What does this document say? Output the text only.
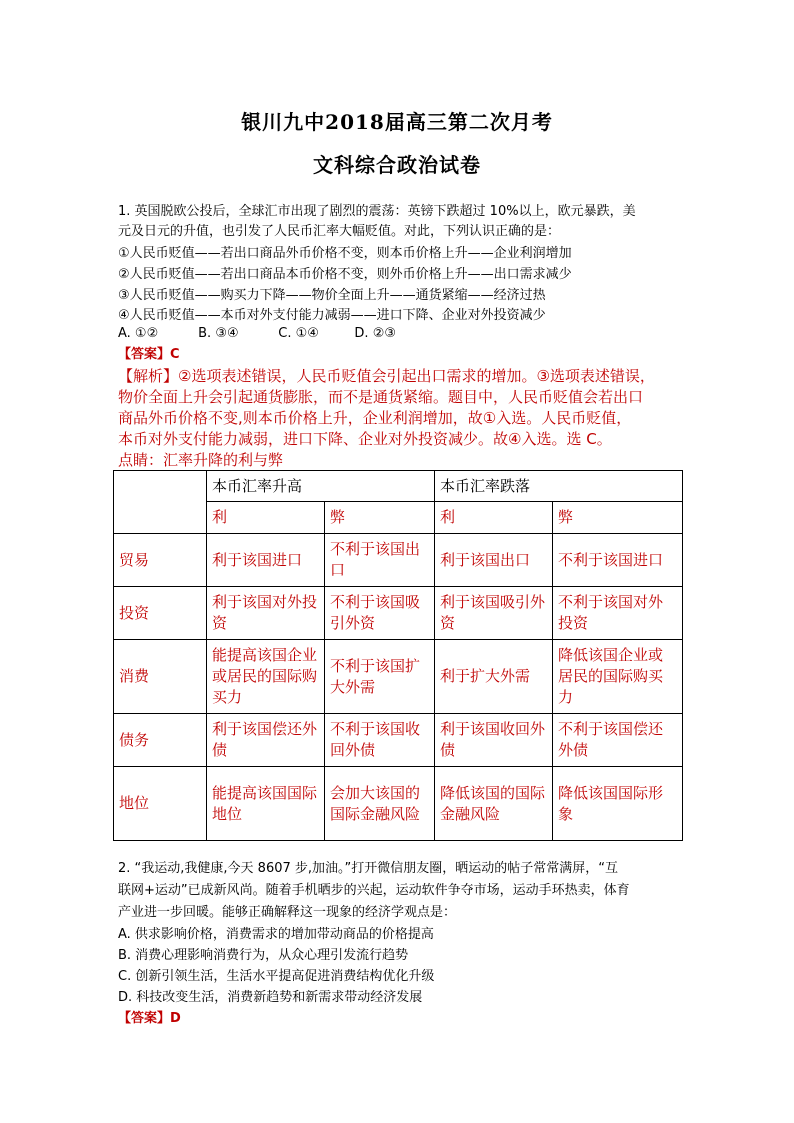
银川九中2018届高三第二次月考
文科综合政治试卷
1. 英国脱欧公投后，全球汇市出现了剧烈的震荡：英镑下跌超过 10%以上，欧元暴跌，美
元及日元的升值，也引发了人民币汇率大幅贬值。对此，下列认识正确的是：
①人民币贬值——若出口商品外币价格不变，则本币价格上升——企业利润增加
②人民币贬值——若出口商品本币价格不变，则外币价格上升——出口需求减少
③人民币贬值——购买力下降——物价全面上升——通货紧缩——经济过热
④人民币贬值——本币对外支付能力减弱——进口下降、企业对外投资减少
A. ①②	B. ③④	C. ①④	D. ②③
【答案】C
【解析】②选项表述错误，人民币贬值会引起出口需求的增加。③选项表述错误，
物价全面上升会引起通货膨胀，而不是通货紧缩。题目中，人民币贬值会若出口
商品外币价格不变,则本币价格上升，企业利润增加，故①入选。人民币贬值，
本币对外支付能力减弱，进口下降、企业对外投资减少。故④入选。选 C。
点睛：汇率升降的利与弊
	本币汇率升高		本币汇率跌落	
	利	弊	利	弊
贸易	利于该国进口	不利于该国出口	利于该国出口	不利于该国进口
投资	利于该国对外投资	不利于该国吸引外资	利于该国吸引外资	不利于该国对外投资
消费	能提高该国企业或居民的国际购买力	不利于该国扩大外需	利于扩大外需	降低该国企业或居民的国际购买力
债务	利于该国偿还外债	不利于该国收回外债	利于该国收回外债	不利于该国偿还外债
地位	能提高该国国际地位	会加大该国的国际金融风险	降低该国的国际金融风险	降低该国国际形象
2. “我运动,我健康,今天 8607 步,加油。”打开微信朋友圈，晒运动的帖子常常满屏，“互
联网+运动”已成新风尚。随着手机晒步的兴起，运动软件争夺市场，运动手环热卖，体育
产业进一步回暖。能够正确解释这一现象的经济学观点是：
A. 供求影响价格，消费需求的增加带动商品的价格提高
B. 消费心理影响消费行为，从众心理引发流行趋势
C. 创新引领生活，生活水平提高促进消费结构优化升级
D. 科技改变生活，消费新趋势和新需求带动经济发展
【答案】D
